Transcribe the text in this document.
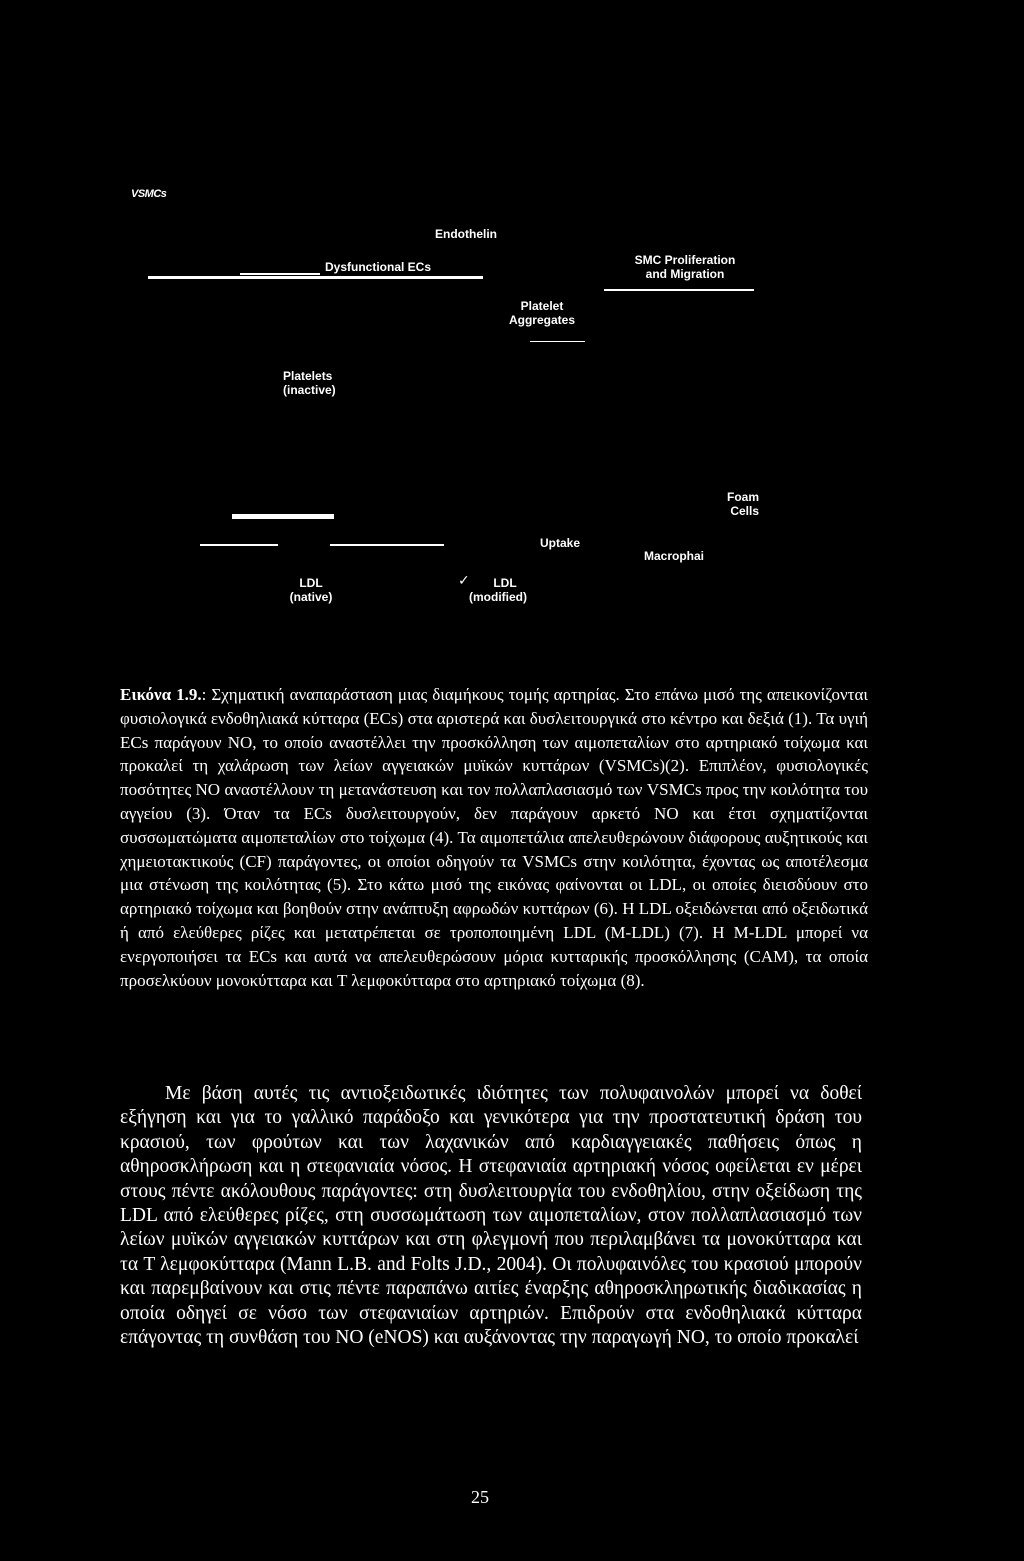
VSMCs
Endothelin
Dysfunctional ECs	SMC Proliferation
and Migration
Platelet
Aggregates
Platelets
(inactive)
Foam
Cells
Uptake
Macrophai
LDL
(native)
✓	LDL
(modified)
Εικόνα 1.9.: Σχηματική αναπαράσταση μιας διαμήκους τομής αρτηρίας. Στο επάνω μισό της απεικονίζονται φυσιολογικά ενδοθηλιακά κύτταρα (ECs) στα αριστερά και δυσλειτουργικά στο κέντρο και δεξιά (1). Τα υγιή ECs παράγουν NO, το οποίο αναστέλλει την προσκόλληση των αιμοπεταλίων στο αρτηριακό τοίχωμα και προκαλεί τη χαλάρωση των λείων αγγειακών μυϊκών κυττάρων (VSMCs)(2). Επιπλέον, φυσιολογικές ποσότητες NO αναστέλλουν τη μετανάστευση και τον πολλαπλασιασμό των VSMCs προς την κοιλότητα του αγγείου (3). Όταν τα ECs δυσλειτουργούν, δεν παράγουν αρκετό NO και έτσι σχηματίζονται συσσωματώματα αιμοπεταλίων στο τοίχωμα (4). Τα αιμοπετάλια απελευθερώνουν διάφορους αυξητικούς και χημειοτακτικούς (CF) παράγοντες, οι οποίοι οδηγούν τα VSMCs στην κοιλότητα, έχοντας ως αποτέλεσμα μια στένωση της κοιλότητας (5). Στο κάτω μισό της εικόνας φαίνονται οι LDL, οι οποίες διεισδύουν στο αρτηριακό τοίχωμα και βοηθούν στην ανάπτυξη αφρωδών κυττάρων (6). Η LDL οξειδώνεται από οξειδωτικά ή από ελεύθερες ρίζες και μετατρέπεται σε τροποποιημένη LDL (M-LDL) (7). Η M-LDL μπορεί να ενεργοποιήσει τα ECs και αυτά να απελευθερώσουν μόρια κυτταρικής προσκόλλησης (CAM), τα οποία προσελκύουν μονοκύτταρα και T λεμφοκύτταρα στο αρτηριακό τοίχωμα (8).
Με βάση αυτές τις αντιοξειδωτικές ιδιότητες των πολυφαινολών μπορεί να δοθεί εξήγηση και για το γαλλικό παράδοξο και γενικότερα για την προστατευτική δράση του κρασιού, των φρούτων και των λαχανικών από καρδιαγγειακές παθήσεις όπως η αθηροσκλήρωση και η στεφανιαία νόσος. Η στεφανιαία αρτηριακή νόσος οφείλεται εν μέρει στους πέντε ακόλουθους παράγοντες: στη δυσλειτουργία του ενδοθηλίου, στην οξείδωση της LDL από ελεύθερες ρίζες, στη συσσωμάτωση των αιμοπεταλίων, στον πολλαπλασιασμό των λείων μυϊκών αγγειακών κυττάρων και στη φλεγμονή που περιλαμβάνει τα μονοκύτταρα και τα T λεμφοκύτταρα (Mann L.B. and Folts J.D., 2004). Οι πολυφαινόλες του κρασιού μπορούν και παρεμβαίνουν και στις πέντε παραπάνω αιτίες έναρξης αθηροσκληρωτικής διαδικασίας η οποία οδηγεί σε νόσο των στεφανιαίων αρτηριών. Επιδρούν στα ενδοθηλιακά κύτταρα επάγοντας τη συνθάση του NO (eNOS) και αυξάνοντας την παραγωγή NO, το οποίο προκαλεί
25
